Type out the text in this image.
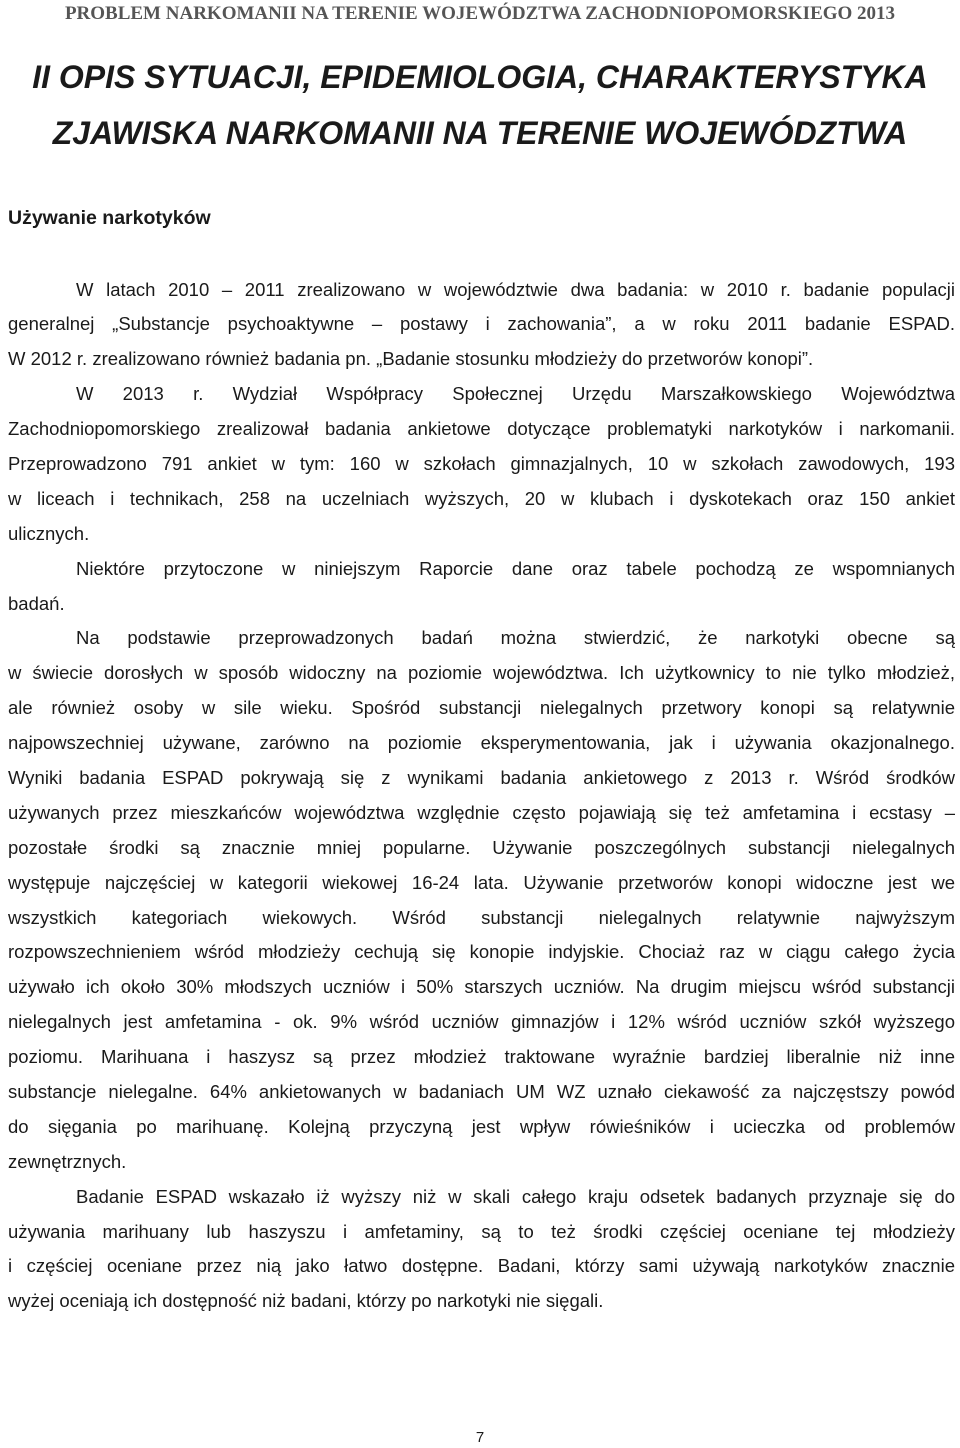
PROBLEM NARKOMANII NA TERENIE WOJEWÓDZTWA ZACHODNIOPOMORSKIEGO 2013
II OPIS SYTUACJI, EPIDEMIOLOGIA, CHARAKTERYSTYKA
ZJAWISKA NARKOMANII NA TERENIE WOJEWÓDZTWA
Używanie narkotyków
W latach 2010 – 2011 zrealizowano w województwie dwa badania: w 2010 r. badanie populacji
generalnej „Substancje psychoaktywne – postawy i zachowania”, a w roku 2011 badanie ESPAD.
W 2012 r. zrealizowano również badania pn. „Badanie stosunku młodzieży do przetworów konopi”.
W 2013 r. Wydział Współpracy Społecznej Urzędu Marszałkowskiego Województwa
Zachodniopomorskiego zrealizował badania ankietowe dotyczące problematyki narkotyków i narkomanii.
Przeprowadzono 791 ankiet w tym: 160 w szkołach gimnazjalnych, 10 w szkołach zawodowych, 193
w liceach i technikach, 258 na uczelniach wyższych, 20 w klubach i dyskotekach oraz 150 ankiet
ulicznych.
Niektóre przytoczone w niniejszym Raporcie dane oraz tabele pochodzą ze wspomnianych
badań.
Na podstawie przeprowadzonych badań można stwierdzić, że narkotyki obecne są
w świecie dorosłych w sposób widoczny na poziomie województwa. Ich użytkownicy to nie tylko młodzież,
ale również osoby w sile wieku. Spośród substancji nielegalnych przetwory konopi są relatywnie
najpowszechniej używane, zarówno na poziomie eksperymentowania, jak i używania okazjonalnego.
Wyniki badania ESPAD pokrywają się z wynikami badania ankietowego z 2013 r. Wśród środków
używanych przez mieszkańców województwa względnie często pojawiają się też amfetamina i ecstasy –
pozostałe środki są znacznie mniej popularne. Używanie poszczególnych substancji nielegalnych
występuje najczęściej w kategorii wiekowej 16-24 lata. Używanie przetworów konopi widoczne jest we
wszystkich kategoriach wiekowych. Wśród substancji nielegalnych relatywnie najwyższym
rozpowszechnieniem wśród młodzieży cechują się konopie indyjskie. Chociaż raz w ciągu całego życia
używało ich około 30% młodszych uczniów i 50% starszych uczniów. Na drugim miejscu wśród substancji
nielegalnych jest amfetamina - ok. 9% wśród uczniów gimnazjów i 12% wśród uczniów szkół wyższego
poziomu. Marihuana i haszysz są przez młodzież traktowane wyraźnie bardziej liberalnie niż inne
substancje nielegalne. 64% ankietowanych w badaniach UM WZ uznało ciekawość za najczęstszy powód
do sięgania po marihuanę. Kolejną przyczyną jest wpływ rówieśników i ucieczka od problemów
zewnętrznych.
Badanie ESPAD wskazało iż wyższy niż w skali całego kraju odsetek badanych przyznaje się do
używania marihuany lub haszyszu i amfetaminy, są to też środki częściej oceniane tej młodzieży
i częściej oceniane przez nią jako łatwo dostępne. Badani, którzy sami używają narkotyków znacznie
wyżej oceniają ich dostępność niż badani, którzy po narkotyki nie sięgali.
7
